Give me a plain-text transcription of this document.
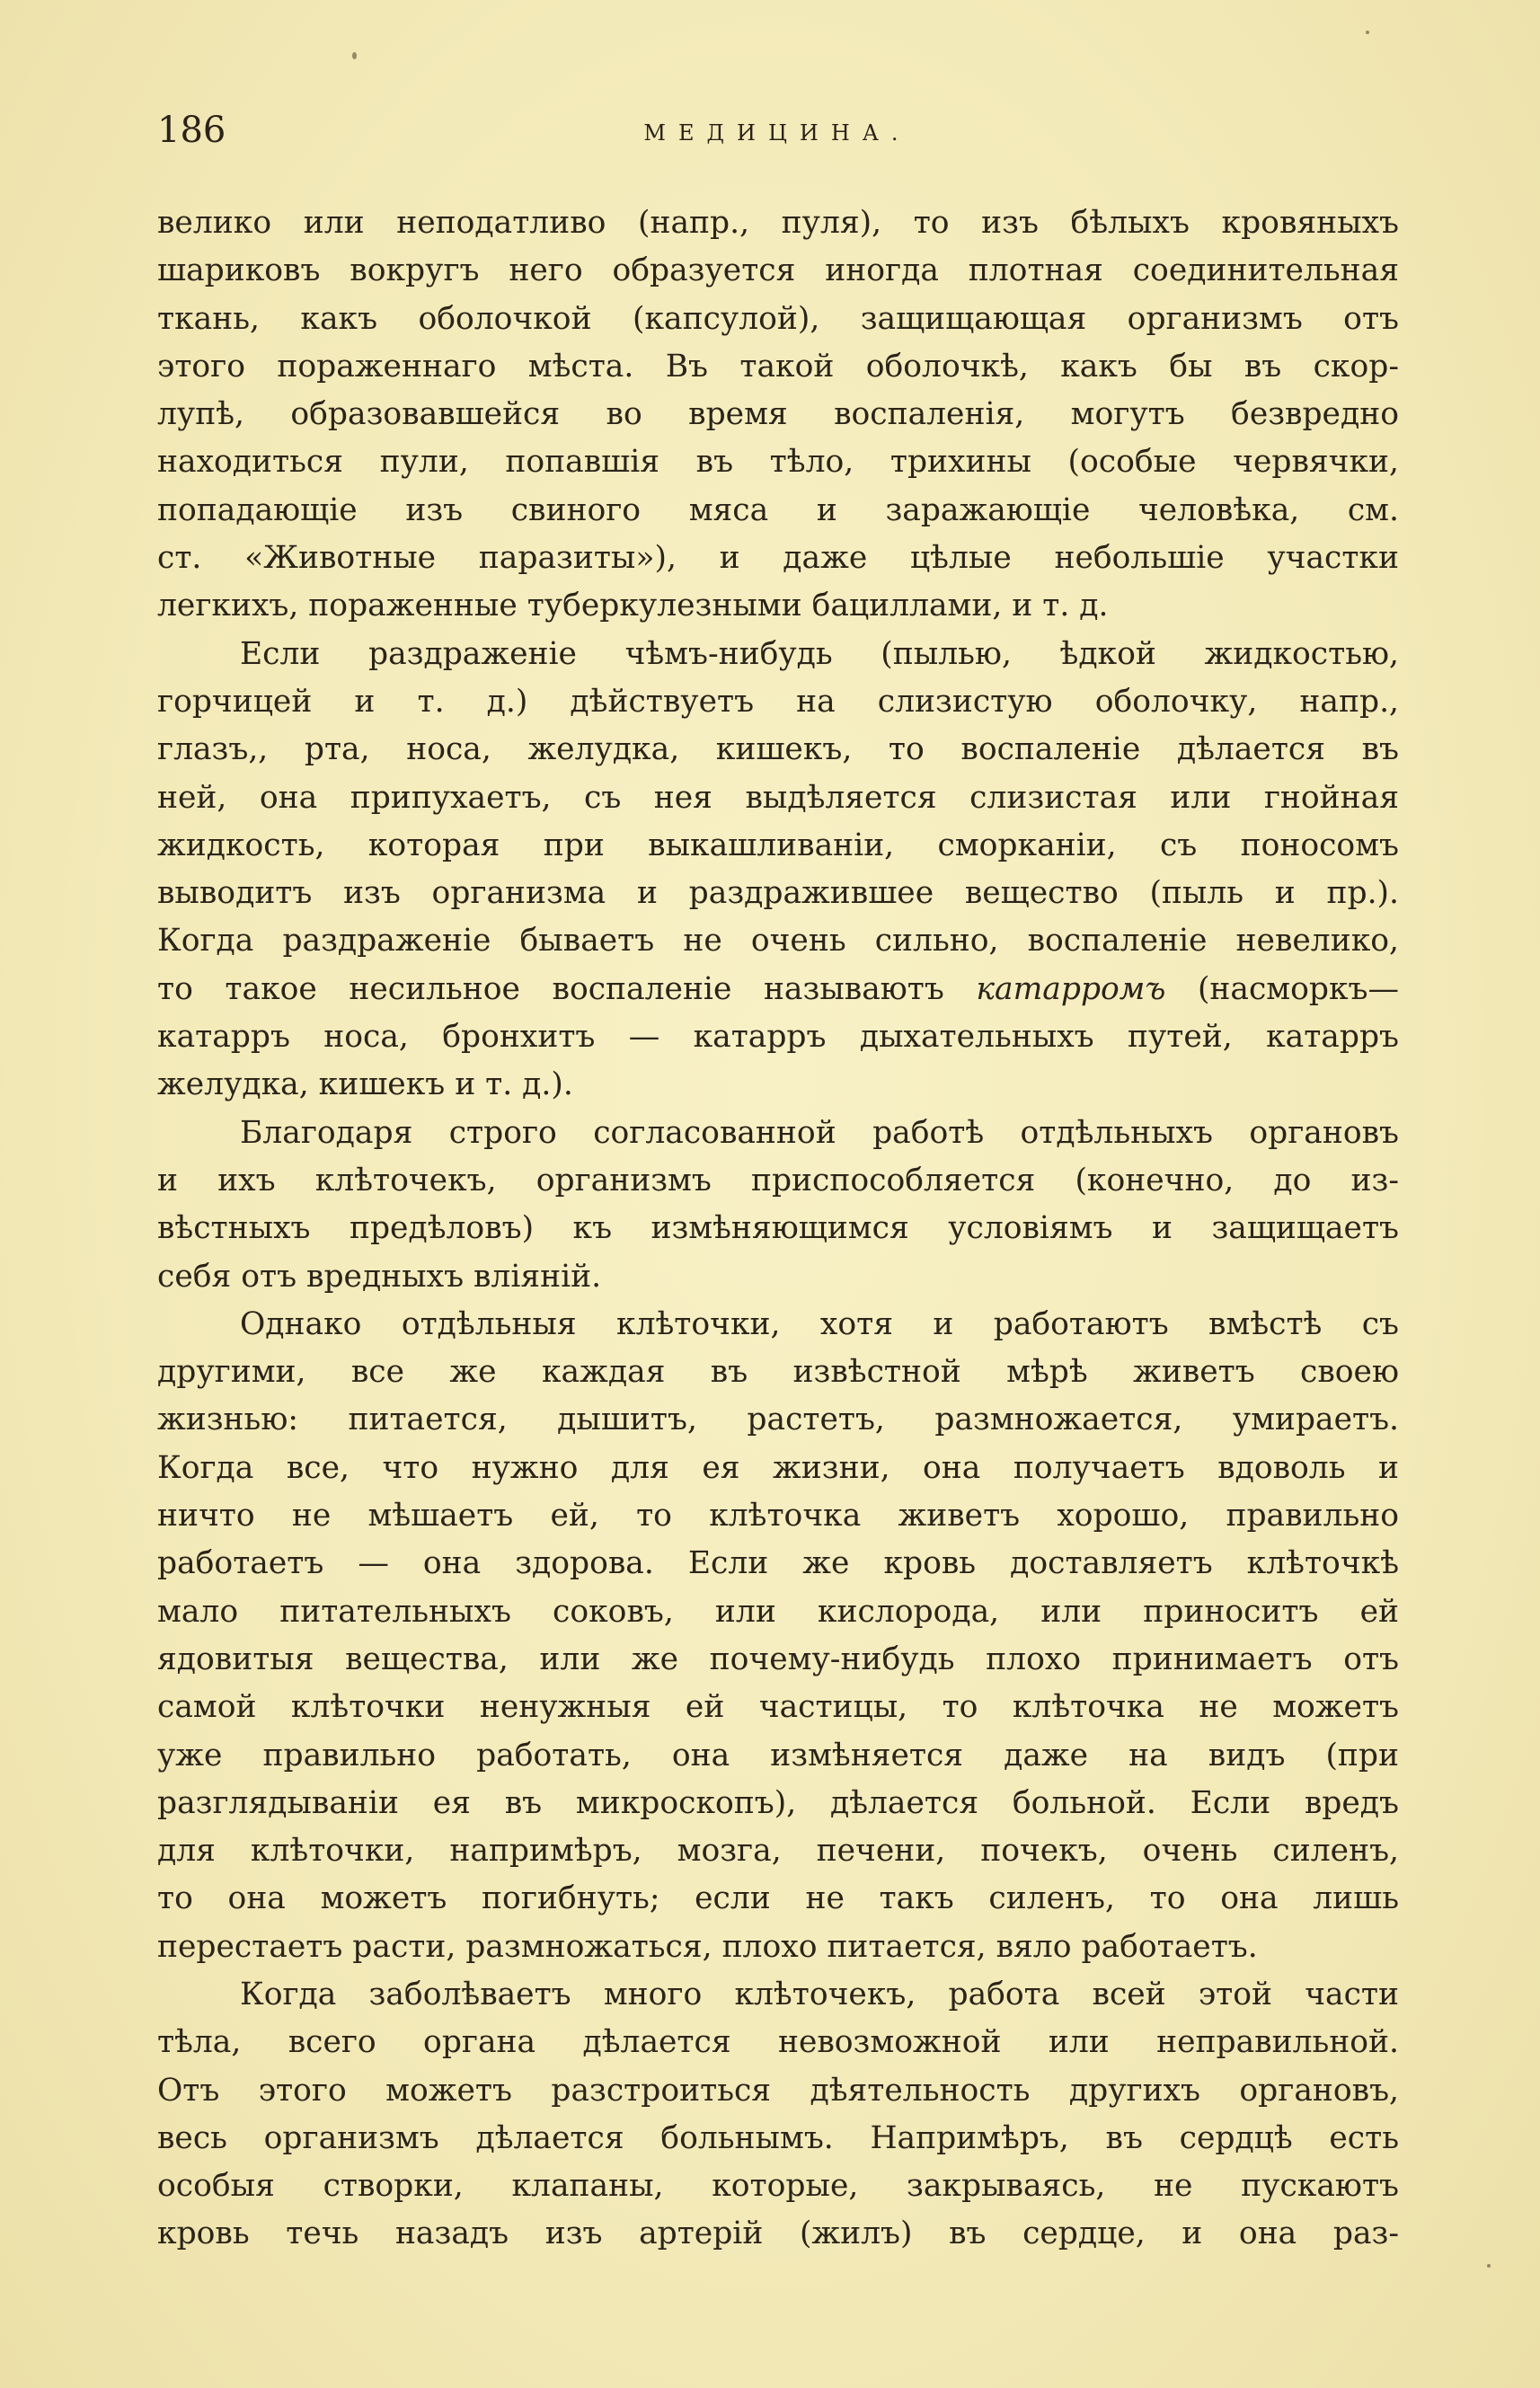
186	МЕДИЦИНА.
велико или неподатливо (напр., пуля), то изъ бѣлыхъ кровяныхъ
шариковъ вокругъ него образуется иногда плотная соединительная
ткань, какъ оболочкой (капсулой), защищающая организмъ отъ
этого пораженнаго мѣста. Въ такой оболочкѣ, какъ бы въ скор-
лупѣ, образовавшейся во время воспаленія, могутъ безвредно
находиться пули, попавшія въ тѣло, трихины (особые червячки,
попадающіе изъ свиного мяса и заражающіе человѣка, см.
ст. «Животные паразиты»), и даже цѣлые небольшіе участки
легкихъ, пораженные туберкулезными бациллами, и т. д.
Если раздраженіе чѣмъ-нибудь (пылью, ѣдкой жидкостью,
горчицей и т. д.) дѣйствуетъ на слизистую оболочку, напр.,
глазъ,, рта, носа, желудка, кишекъ, то воспаленіе дѣлается въ
ней, она припухаетъ, съ нея выдѣляется слизистая или гнойная
жидкость, которая при выкашливаніи, сморканіи, съ поносомъ
выводитъ изъ организма и раздражившее вещество (пыль и пр.).
Когда раздраженіе бываетъ не очень сильно, воспаленіе невелико,
то такое несильное воспаленіе называютъ катарромъ (насморкъ—
катарръ носа, бронхитъ — катарръ дыхательныхъ путей, катарръ
желудка, кишекъ и т. д.).
Благодаря строго согласованной работѣ отдѣльныхъ органовъ
и ихъ клѣточекъ, организмъ приспособляется (конечно, до из-
вѣстныхъ предѣловъ) къ измѣняющимся условіямъ и защищаетъ
себя отъ вредныхъ вліяній.
Однако отдѣльныя клѣточки, хотя и работаютъ вмѣстѣ съ
другими, все же каждая въ извѣстной мѣрѣ живетъ своею
жизнью: питается, дышитъ, растетъ, размножается, умираетъ.
Когда все, что нужно для ея жизни, она получаетъ вдоволь и
ничто не мѣшаетъ ей, то клѣточка живетъ хорошо, правильно
работаетъ — она здорова. Если же кровь доставляетъ клѣточкѣ
мало питательныхъ соковъ, или кислорода, или приноситъ ей
ядовитыя вещества, или же почему-нибудь плохо принимаетъ отъ
самой клѣточки ненужныя ей частицы, то клѣточка не можетъ
уже правильно работать, она измѣняется даже на видъ (при
разглядываніи ея въ микроскопъ), дѣлается больной. Если вредъ
для клѣточки, напримѣръ, мозга, печени, почекъ, очень силенъ,
то она можетъ погибнуть; если не такъ силенъ, то она лишь
перестаетъ расти, размножаться, плохо питается, вяло работаетъ.
Когда заболѣваетъ много клѣточекъ, работа всей этой части
тѣла, всего органа дѣлается невозможной или неправильной.
Отъ этого можетъ разстроиться дѣятельность другихъ органовъ,
весь организмъ дѣлается больнымъ. Напримѣръ, въ сердцѣ есть
особыя створки, клапаны, которые, закрываясь, не пускаютъ
кровь течь назадъ изъ артерій (жилъ) въ сердце, и она раз-
